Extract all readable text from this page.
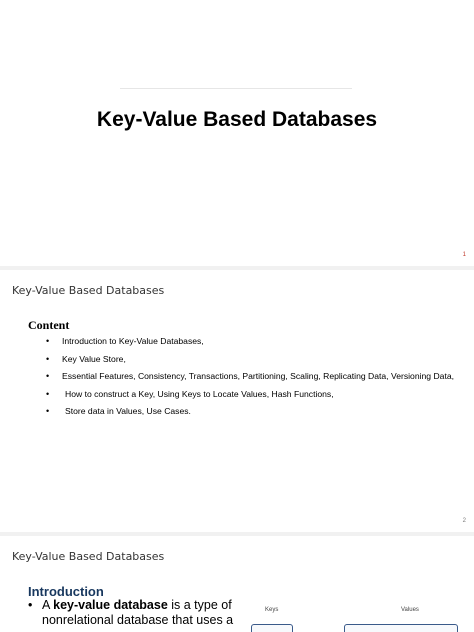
Key-Value Based Databases
1
Key-Value Based Databases
Content
• Introduction to Key-Value Databases,
• Key Value Store,
• Essential Features, Consistency, Transactions, Partitioning, Scaling, Replicating Data, Versioning Data,
• How to construct a Key, Using Keys to Locate Values, Hash Functions,
• Store data in Values, Use Cases.
2
Key-Value Based Databases
Introduction
• A key-value database is a type of
nonrelational database that uses a
Keys	Values
